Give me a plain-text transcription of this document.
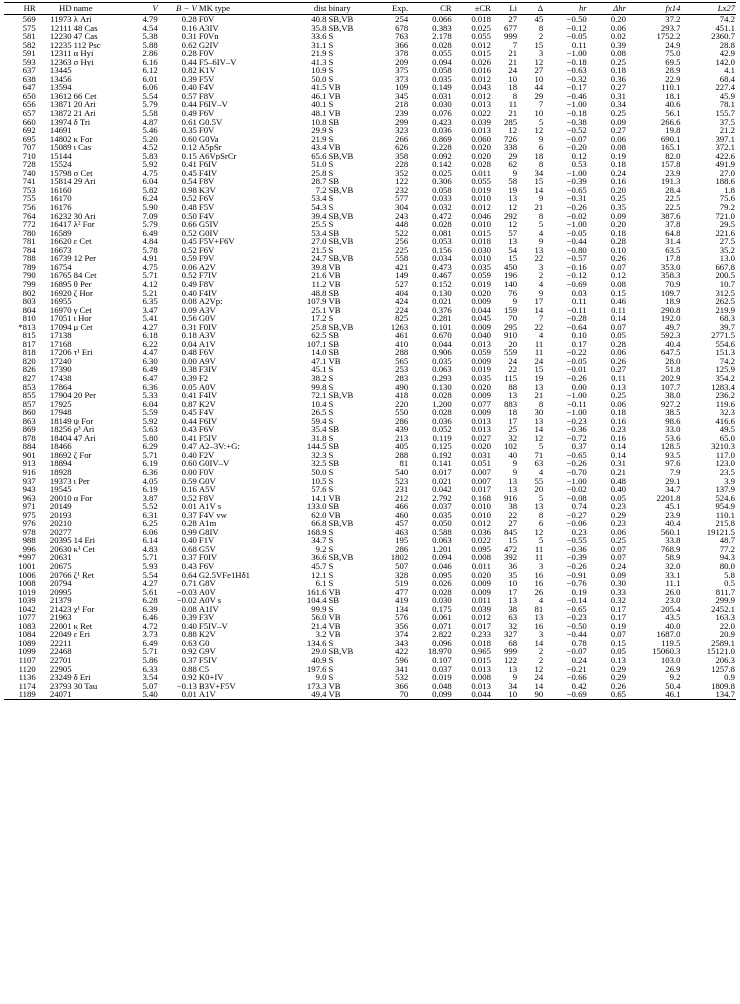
HR	HD	name	V	B − V	MK type	dist	binary	Exp.	CR	±CR	Li	Δ	hr	Δhr	fx14	Lx27
569	11973	λ Ari	4.79	0.28	F0V	40.8	SB,VB	254	0.066	0.018	27	45	−0.50	0.20	37.2	74.2
575	12111	48 Cas	4.54	0.16	A3IV	35.8	SB,VB	678	0.383	0.025	677	8	−0.12	0.06	293.7	451.1
581	12230	47 Cas	5.38	0.31	F0Vn	33.6	S	763	2.178	0.055	999	2	−0.05	0.02	1752.2	2360.7
582	12235	112 Psc	5.88	0.62	G2IV	31.1	S	366	0.028	0.012	7	15	0.11	0.39	24.9	28.8
591	12311	α Hyi	2.86	0.28	F0V	21.9	S	378	0.055	0.015	21	3	−1.00	0.08	75.0	42.9
593	12363	σ Hyi	6.16	0.44	F5–6IV–V	41.3	S	209	0.094	0.026	21	12	−0.18	0.25	69.5	142.0
637	13445		6.12	0.82	K1V	10.9	S	375	0.058	0.016	24	27	−0.63	0.18	28.9	4.1
638	13456		6.01	0.39	F5V	50.0	S	373	0.035	0.012	10	10	−0.32	0.36	22.9	68.4
647	13594		6.06	0.40	F4V	41.5	VB	109	0.149	0.043	18	44	−0.17	0.27	110.1	227.4
650	13612	66 Cet	5.54	0.57	F8V	46.1	VB	345	0.031	0.012	8	29	−0.46	0.31	18.1	45.9
656	13871	20 Ari	5.79	0.44	F6IV–V	40.1	S	218	0.030	0.013	11	7	−1.00	0.34	40.6	78.1
657	13872	21 Ari	5.58	0.49	F6V	48.1	VB	239	0.076	0.022	21	10	−0.18	0.25	56.1	155.7
660	13974	δ Tri	4.87	0.61	G0.5V	10.8	SB	299	0.423	0.039	285	5	−0.38	0.09	266.6	37.5
692	14691		5.46	0.35	F0V	29.9	S	323	0.036	0.013	12	12	−0.52	0.27	19.8	21.2
695	14802	κ For	5.20	0.60	G0Va	21.9	S	266	0.869	0.060	726	9	−0.07	0.06	690.1	397.1
707	15089	ι Cas	4.52	0.12	A5pSr	43.4	VB	626	0.228	0.020	338	6	−0.20	0.08	165.1	372.1
710	15144		5.83	0.15	A6VpSrCr	65.6	SB,VB	358	0.092	0.020	29	18	0.12	0.19	82.0	422.6
728	15524		5.92	0.41	F6IV	51.0	S	228	0.142	0.028	62	8	0.53	0.18	157.8	491.9
740	15798	σ Cet	4.75	0.45	F4IV	25.8	S	352	0.025	0.011	9	34	−1.00	0.24	23.9	27.0
741	15814	29 Ari	6.04	0.54	F8V	28.7	SB	122	0.306	0.055	58	15	−0.39	0.16	191.3	188.6
753	16160		5.82	0.98	K3V	7.2	SB,VB	232	0.058	0.019	19	14	−0.65	0.20	28.4	1.8
755	16170		6.24	0.52	F6V	53.4	S	577	0.033	0.010	13	9	−0.31	0.25	22.5	75.6
756	16176		5.90	0.48	F5V	54.3	S	304	0.032	0.012	12	21	−0.26	0.35	22.5	79.2
764	16232	30 Ari	7.09	0.50	F4V	39.4	SB,VB	243	0.472	0.046	292	8	−0.02	0.09	387.6	721.0
772	16417	λ² For	5.79	0.66	G5IV	25.5	S	448	0.028	0.010	12	5	−1.00	0.20	37.8	29.5
780	16589		6.49	0.52	G0IV	53.4	SB	522	0.081	0.015	57	4	−0.05	0.18	64.8	221.6
781	16620	ε Cet	4.84	0.45	F5V+F6V	27.0	SB,VB	256	0.053	0.018	13	9	−0.44	0.28	31.4	27.5
784	16673		5.78	0.52	F6V	21.5	S	225	0.156	0.030	54	13	−0.80	0.10	63.5	35.2
788	16739	12 Per	4.91	0.59	F9V	24.7	SB,VB	558	0.034	0.010	15	22	−0.57	0.26	17.8	13.0
789	16754		4.75	0.06	A2V	39.8	VB	421	0.473	0.035	450	3	−0.16	0.07	353.0	667.8
790	16765	84 Cet	5.71	0.52	F7IV	21.6	VB	149	0.467	0.059	196	2	−0.12	0.12	358.3	200.5
799	16895	θ Per	4.12	0.49	F8V	11.2	VB	527	0.152	0.019	140	4	−0.69	0.08	70.9	10.7
802	16920	ζ Hor	5.21	0.40	F4IV	48.8	SB	404	0.130	0.020	76	9	0.03	0.15	109.7	312.5
803	16955		6.35	0.08	A2Vp:	107.9	VB	424	0.021	0.009	9	17	0.11	0.46	18.9	262.5
804	16970	γ Cet	3.47	0.09	A3V	25.1	VB	224	0.376	0.044	159	14	−0.11	0.11	290.8	219.9
810	17051	ι Hor	5.41	0.56	G0V	17.2	S	825	0.281	0.045	70	7	−0.28	0.14	192.0	68.3
*813	17094	μ Cet	4.27	0.31	F0IV	25.8	SB,VB	1263	0.101	0.009	295	22	−0.64	0.07	49.7	39.7
815	17138		6.18	0.18	A3V	62.5	SB	461	0.670	0.040	910	4	0.10	0.05	592.3	2771.5
817	17168		6.22	0.04	A1V	107.1	SB	410	0.044	0.013	20	11	0.17	0.28	40.4	554.6
818	17206	τ¹ Eri	4.47	0.48	F6V	14.0	SB	288	0.906	0.059	559	11	−0.22	0.06	647.5	151.3
820	17240		6.30	0.00	A9V	47.1	VB	565	0.035	0.009	24	24	−0.05	0.26	28.0	74.2
826	17390		6.49	0.38	F3IV	45.1	S	253	0.063	0.019	22	15	−0.01	0.27	51.8	125.9
827	17438		6.47	0.39	F2	38.2	S	283	0.293	0.035	115	19	−0.26	0.11	202.9	354.2
853	17864		6.36	0.05	A0V	99.8	S	490	0.130	0.020	88	13	0.00	0.13	107.7	1283.4
855	17904	20 Per	5.33	0.41	F4IV	72.1	SB,VB	418	0.028	0.009	13	21	−1.00	0.25	38.0	236.2
857	17925		6.04	0.87	K2V	10.4	S	220	1.200	0.077	883	8	−0.11	0.06	927.2	119.6
860	17948		5.59	0.45	F4V	26.5	S	550	0.028	0.009	18	30	−1.00	0.18	38.5	32.3
863	18149	ψ For	5.92	0.44	F6IV	59.4	S	286	0.036	0.013	17	13	−0.23	0.16	98.6	416.6
869	18256	ρ³ Ari	5.63	0.43	F6V	35.4	SB	439	0.052	0.013	25	14	−0.36	0.23	33.0	49.5
878	18404	47 Ari	5.80	0.41	F5IV	31.8	S	213	0.119	0.027	32	12	−0.72	0.16	53.6	65.0
884	18466		6.29	0.47	A2–3V:+G:	144.5	SB	405	0.125	0.020	102	5	0.37	0.14	128.5	3210.3
901	18692	ζ For	5.71	0.40	F2V	32.3	S	288	0.192	0.031	40	71	−0.65	0.14	93.5	117.0
913	18894		6.19	0.60	G0IV–V	32.5	SB	81	0.141	0.051	9	63	−0.26	0.31	97.6	123.0
916	18928		6.36	0.00	F0V	50.0	S	540	0.017	0.007	9	4	−0.70	0.21	7.9	23.5
937	19373	ι Per	4.05	0.59	G0V	10.5	S	523	0.021	0.007	13	55	−1.00	0.48	29.1	3.9
943	19545		6.19	0.16	A5V	57.6	S	231	0.042	0.017	13	20	−0.02	0.40	34.7	137.9
963	20010	α For	3.87	0.52	F8V	14.1	VB	212	2.792	0.168	916	5	−0.08	0.05	2201.8	524.6
971	20149		5.52	0.01	A1V s	133.0	SB	466	0.037	0.010	38	13	0.74	0.23	45.1	954.9
975	20193		6.31	0.37	F4V vw	62.0	VB	460	0.035	0.010	22	8	−0.27	0.29	23.9	110.1
976	20210		6.25	0.28	A1m	66.8	SB,VB	457	0.050	0.012	27	6	−0.06	0.23	40.4	215.8
978	20277		6.06	0.99	G8IV	168.9	S	463	0.588	0.036	845	12	0.23	0.06	560.1	19121.5
988	20395	14 Eri	6.14	0.40	F1V	34.7	S	195	0.063	0.022	15	5	−0.55	0.25	33.8	48.7
996	20630	κ¹ Cet	4.83	0.68	G5V	9.2	S	286	1.201	0.095	472	11	−0.36	0.07	768.9	77.2
*997	20631		5.71	0.37	F0IV	36.6	SB,VB	1802	0.094	0.008	392	11	−0.39	0.07	58.9	94.3
1001	20675		5.93	0.43	F6V	45.7	S	507	0.046	0.011	36	3	−0.26	0.24	32.0	80.0
1006	20766	ζ¹ Ret	5.54	0.64	G2.5VFe1Hδ1	12.1	S	328	0.095	0.020	35	16	−0.91	0.09	33.1	5.8
1008	20794		4.27	0.71	G8V	6.1	S	519	0.026	0.009	10	16	−0.76	0.30	11.1	0.5
1019	20995		5.61	−0.03	A0V	161.6	VB	477	0.028	0.009	17	26	0.19	0.33	26.0	811.7
1039	21379		6.28	−0.02	A0V s	104.4	SB	419	0.030	0.011	13	4	−0.14	0.32	23.0	299.9
1042	21423	χ¹ For	6.39	0.08	A1IV	99.9	S	134	0.175	0.039	38	81	−0.65	0.17	205.4	2452.1
1077	21963		6.46	0.39	F3V	56.0	VB	576	0.061	0.012	63	13	−0.23	0.17	43.5	163.3
1083	22001	κ Ret	4.72	0.40	F5IV–V	21.4	VB	356	0.071	0.017	32	16	−0.50	0.19	40.0	22.0
1084	22049	ε Eri	3.73	0.88	K2V	3.2	VB	374	2.822	0.233	327	3	−0.44	0.07	1687.0	20.9
1089	22211		6.49	0.63	G0	134.6	S	343	0.096	0.018	68	14	0.78	0.15	119.5	2589.1
1099	22468		5.71	0.92	G9V	29.0	SB,VB	422	18.970	0.965	999	2	−0.07	0.05	15060.3	15121.0
1107	22701		5.86	0.37	F5IV	40.9	S	596	0.107	0.015	122	2	0.24	0.13	103.0	206.3
1120	22905		6.33	0.88	C5	197.6	S	341	0.037	0.013	13	12	−0.21	0.29	26.9	1257.8
1136	23249	δ Eri	3.54	0.92	K0+IV	9.0	S	532	0.019	0.008	9	24	−0.66	0.29	9.2	0.9
1174	23793	30 Tau	5.07	−0.13	B3V+F5V	173.3	VB	366	0.048	0.013	34	14	0.42	0.26	50.4	1809.8
1189	24071		5.40	0.01	A1V	49.4	VB	70	0.099	0.044	10	90	−0.69	0.65	46.1	134.7
